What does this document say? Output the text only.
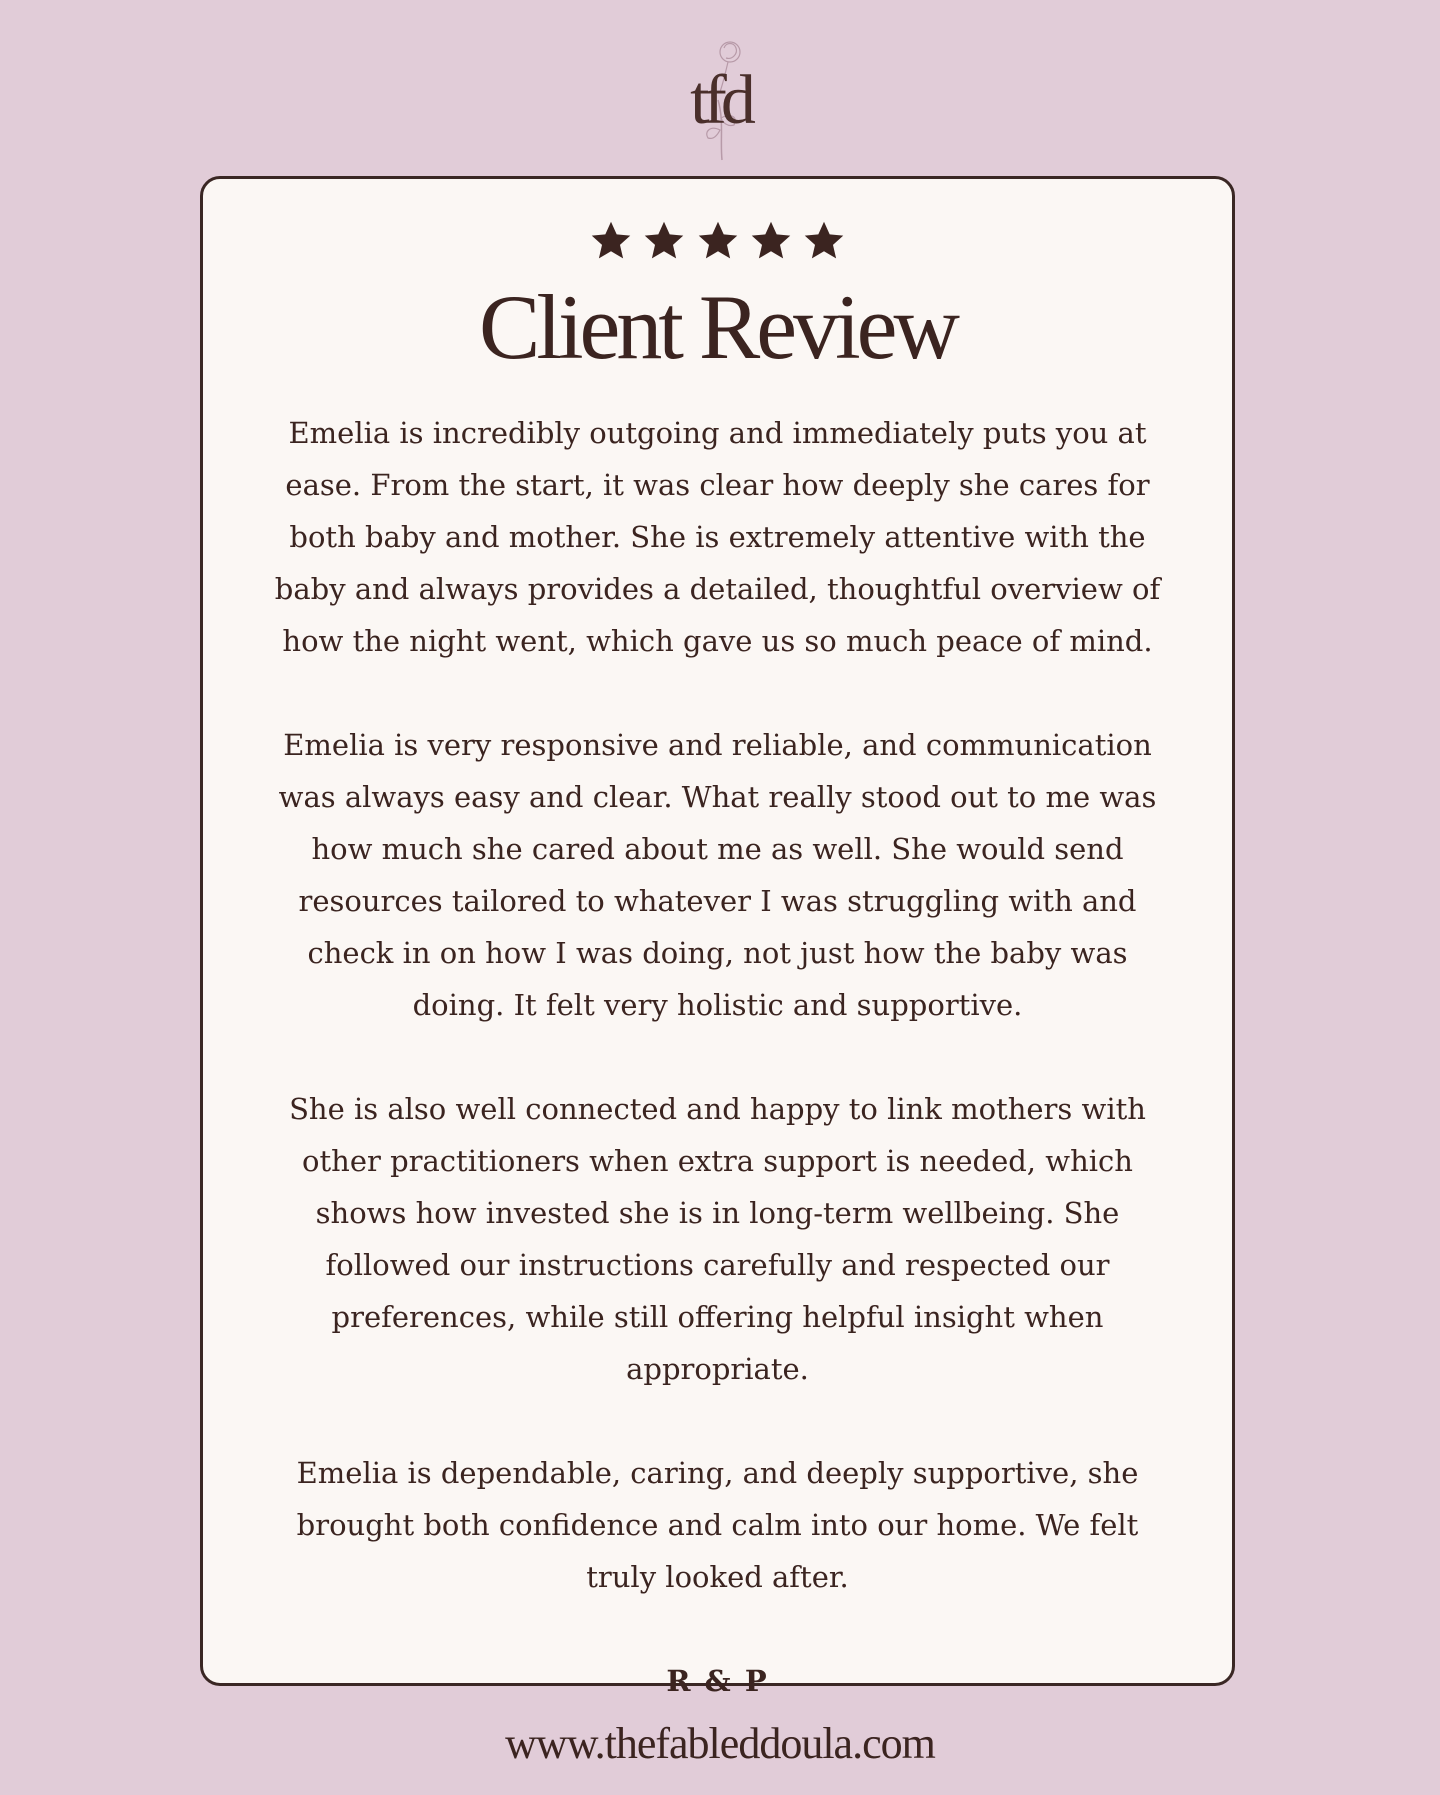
tfd

Client Review

Emelia is incredibly outgoing and immediately puts you at ease. From the start, it was clear how deeply she cares for both baby and mother. She is extremely attentive with the baby and always provides a detailed, thoughtful overview of how the night went, which gave us so much peace of mind.

Emelia is very responsive and reliable, and communication was always easy and clear. What really stood out to me was how much she cared about me as well. She would send resources tailored to whatever I was struggling with and check in on how I was doing, not just how the baby was doing. It felt very holistic and supportive.

She is also well connected and happy to link mothers with other practitioners when extra support is needed, which shows how invested she is in long-term wellbeing. She followed our instructions carefully and respected our preferences, while still offering helpful insight when appropriate.

Emelia is dependable, caring, and deeply supportive, she brought both confidence and calm into our home. We felt truly looked after.

R & P
www.thefableddoula.com
